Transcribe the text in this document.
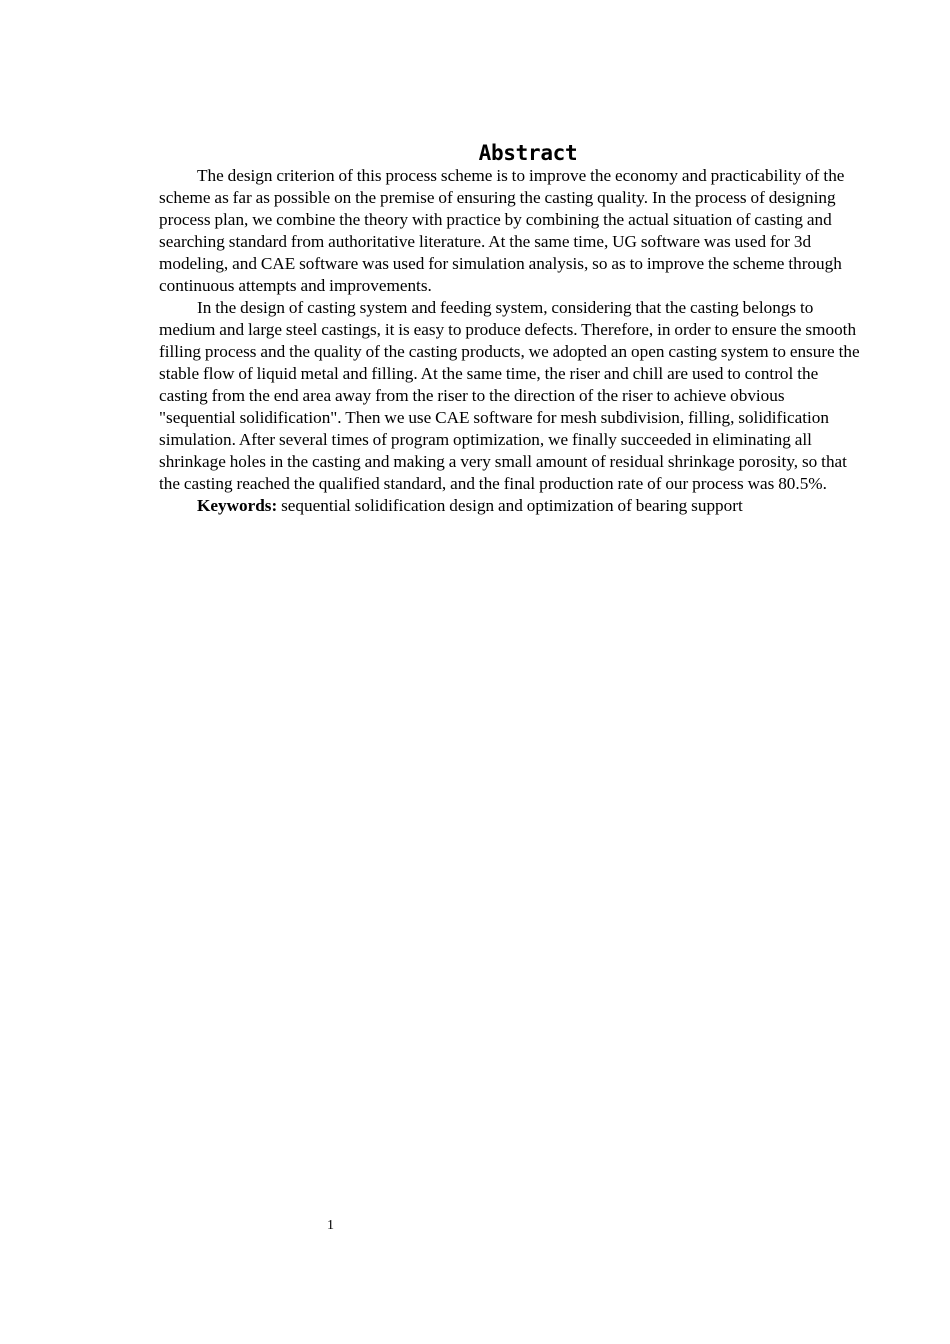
Abstract

The design criterion of this process scheme is to improve the economy and practicability of the scheme as far as possible on the premise of ensuring the casting quality. In the process of designing process plan, we combine the theory with practice by combining the actual situation of casting and searching standard from authoritative literature. At the same time, UG software was used for 3d modeling, and CAE software was used for simulation analysis, so as to improve the scheme through continuous attempts and improvements.

In the design of casting system and feeding system, considering that the casting belongs to medium and large steel castings, it is easy to produce defects. Therefore, in order to ensure the smooth filling process and the quality of the casting products, we adopted an open casting system to ensure the stable flow of liquid metal and filling. At the same time, the riser and chill are used to control the casting from the end area away from the riser to the direction of the riser to achieve obvious "sequential solidification". Then we use CAE software for mesh subdivision, filling, solidification simulation. After several times of program optimization, we finally succeeded in eliminating all shrinkage holes in the casting and making a very small amount of residual shrinkage porosity, so that the casting reached the qualified standard, and the final production rate of our process was 80.5%.

Keywords: sequential solidification design and optimization of bearing support

1
